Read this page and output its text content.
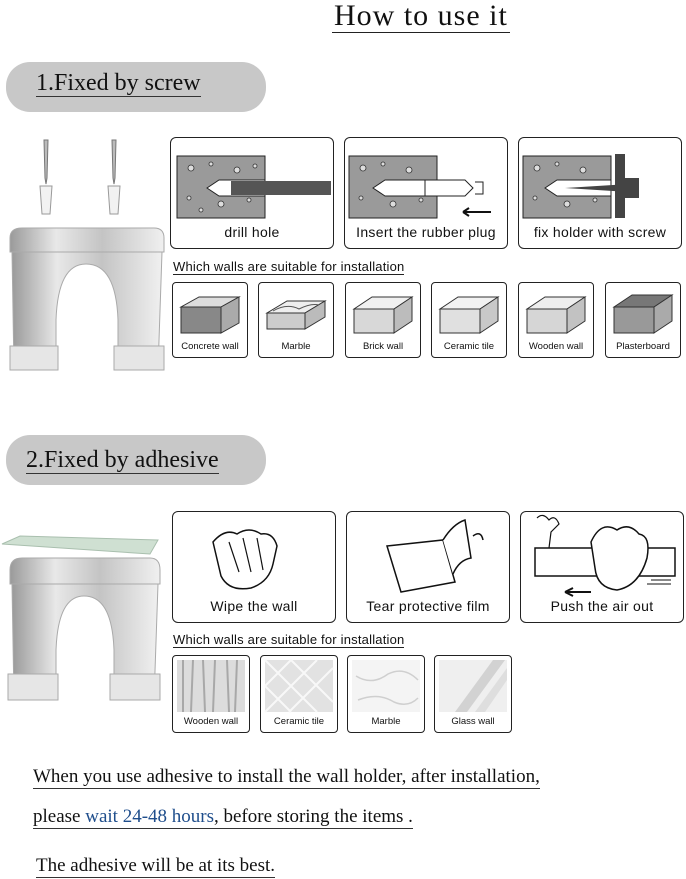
How to use it
1.Fixed by screw
drill hole	Insert the rubber plug	fix holder with screw
Which walls are suitable for installation
Concrete wall	Marble	Brick wall	Ceramic tile	Wooden wall	Plasterboard
2.Fixed by adhesive
Wipe the wall	Tear protective film	Push the air out
Which walls are suitable for installation
Wooden wall	Ceramic tile	Marble	Glass wall
When you use adhesive to install the wall holder, after installation,
please wait 24-48 hours, before storing the items .
The adhesive will be at its best.
